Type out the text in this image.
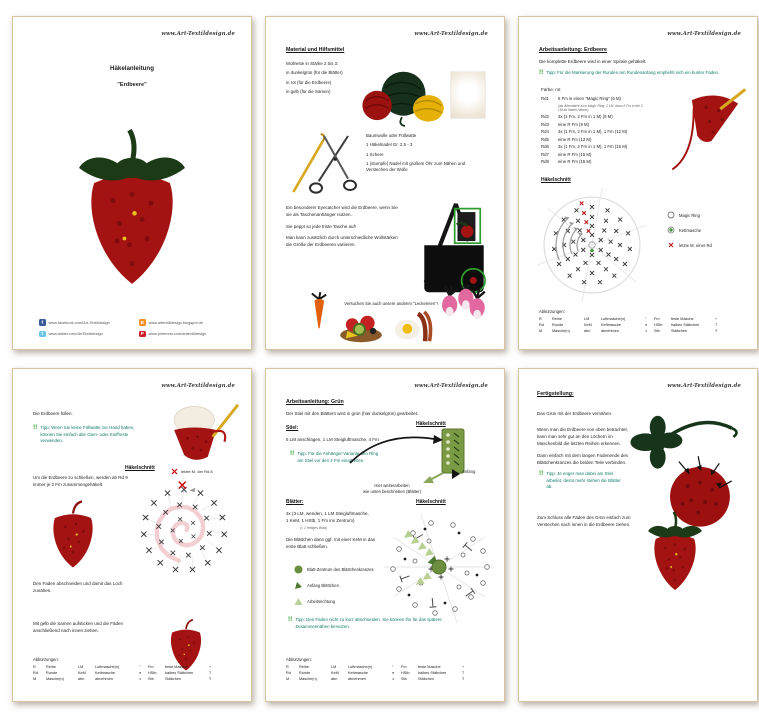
www.Art-Textildesign.de
Häkelanleitung
"Erdbeere"
f	www.facebook.com/Art-Textildesign
t	www.twitter.com/ArtTextildesign
B	www.arttextildesign.blogspot.de
P	www.pinterest.com/arttextildesign
www.Art-Textildesign.de
Material und Hilfsmittel
Wollreste in Stärke 2 bis 3:
in dunkelgrün (für die Blätter)
in rot (für die Erdbeere)
in gelb (für die Samen)
Baumwolle oder Füllwatte
1 Häkelnadel Gr. 2,5 - 3
1 Schere
1 (stumpfe) Nadel mit großem Öhr zum Nähen und Verstechen der Wolle
Ein besonderer Eyecatcher wird die Erdbeere, wenn Sie sie als Taschenanhänger nutzen.
Sie peppt so jede triste Tasche auf!
Man kann zusätzlich durch unterschiedliche Wollstärken die Größe der Erdbeeren variieren.
Versuchen Sie auch unsere anderen "Leckereien"!
www.Art-Textildesign.de
Arbeitsanleitung: Erdbeere
Die komplette Erdbeere wird in einer Spirale gehäkelt.
!! Tipp: Für die Markierung der Runden am Rundenanfang empfiehlt sich ein bunter Faden.
Farbe: rot
Rd1	6 Fm in einen "Magic Ring" (6 M)
(als Alternative zum Magic Ring: 2 LM, dann 6 Fm in die 2. LM ab Nadel häkeln)
Rd2	3x (1 Fm, 2 Fm in 1 M) (9 M)
Rd3	eine R Fm (9 M)
Rd4	3x (1 Fm, 2 Fm in 1 M), 1 Fm (12 M)
Rd5	eine R Fm (12 M)
Rd6	3x (1 Fm, 2 Fm in 1 M), 1 Fm (15 M)
Rd7	eine R Fm (15 M)
Rd8	eine R Fm (15 M)
Häkelschnitt
Magic Ring
Kettmasche
letzte M. einer Rd
Abkürzungen:
R	Reihe	LM	Luftmasche(n)	°	Fm	feste Masche	+
Rd	Runde	KeM	Kettmasche	●	HStb	halbes Stäbchen	T
M	Masche(n)	abn	abnehmen	∧	Stb	Stäbchen	Ŧ
www.Art-Textildesign.de
Die Erdbeere füllen.
!! Tipp: Wenn Sie keine Füllwatte zur Hand haben, können Sie einfach alte Garn- oder Stoffreste verwenden.
Häkelschnitt
letzte M. der Rd 8
Um die Erdbeere zu schließen, werden ab Rd 9 immer je 2 Fm zusammengehäkelt.
Den Faden abschneiden und damit das Loch zunähen.
Mit gelb die Samen aufsticken und die Fäden anschließend nach innen ziehen.
Abkürzungen:
R	Reihe	LM	Luftmasche(n)	°	Fm	feste Masche	+
Rd	Runde	KeM	Kettmasche	●	HStb	halbes Stäbchen	T
M	Masche(n)	abn	abnehmen	∧	Stb	Stäbchen	Ŧ
www.Art-Textildesign.de
Arbeitsanleitung: Grün
Der Stiel mit den Blättern wird in grün (hier dunkelgrün) gearbeitet.
Stiel:
Häkelschnitt
5 LM anschlagen, 1 LM Steigluftmasche, 4 Fm
!! Tipp: Für die Anhänger-Variante den Ring am Stiel vor den 4 Fm einarbeiten.
Anfang
Hier weiterarbeiten
wie unten beschrieben (Blätter)
Blätter:	Häkelschnitt
3x (3 LM, wenden, 1 LM Steigluftmasche,
1 KeM, 1 HStb, 1 Fm ins Zentrum)
(= 1 fertiges Blatt)
Die Blättchen dann ggf. mit einer KeM in das erste Blatt schließen.
Blatt-Zentrum des Blättchenkranzes
Anfang Blättchen
Arbeitsrichtung
!! Tipp: Den Faden nicht zu kurz abschneiden. Sie können ihn für das spätere Zusammennähen benutzen.
Abkürzungen:
R	Reihe	LM	Luftmasche(n)	°	Fm	feste Masche	+
Rd	Runde	KeM	Kettmasche	●	HStb	halbes Stäbchen	T
M	Masche(n)	abn	abnehmen	∧	Stb	Stäbchen	Ŧ
www.Art-Textildesign.de
Fertigstellung:
Das Grün mit der Erdbeere vernähen.
Wenn man die Erdbeere von oben betrachtet, kann man sehr gut an den Löchern im Maschenbild die letzten Reihen erkennen.
Dann einfach mit dem langen Fadenende des Blättchenkranzes die beiden Teile verbinden.
!! Tipp: Je enger man dabei am Stiel arbeitet, desto mehr stehen die Blätter ab.
Zum Schluss alle Fäden des Grün einfach zum Verstechen nach innen in die Erdbeere ziehen.
